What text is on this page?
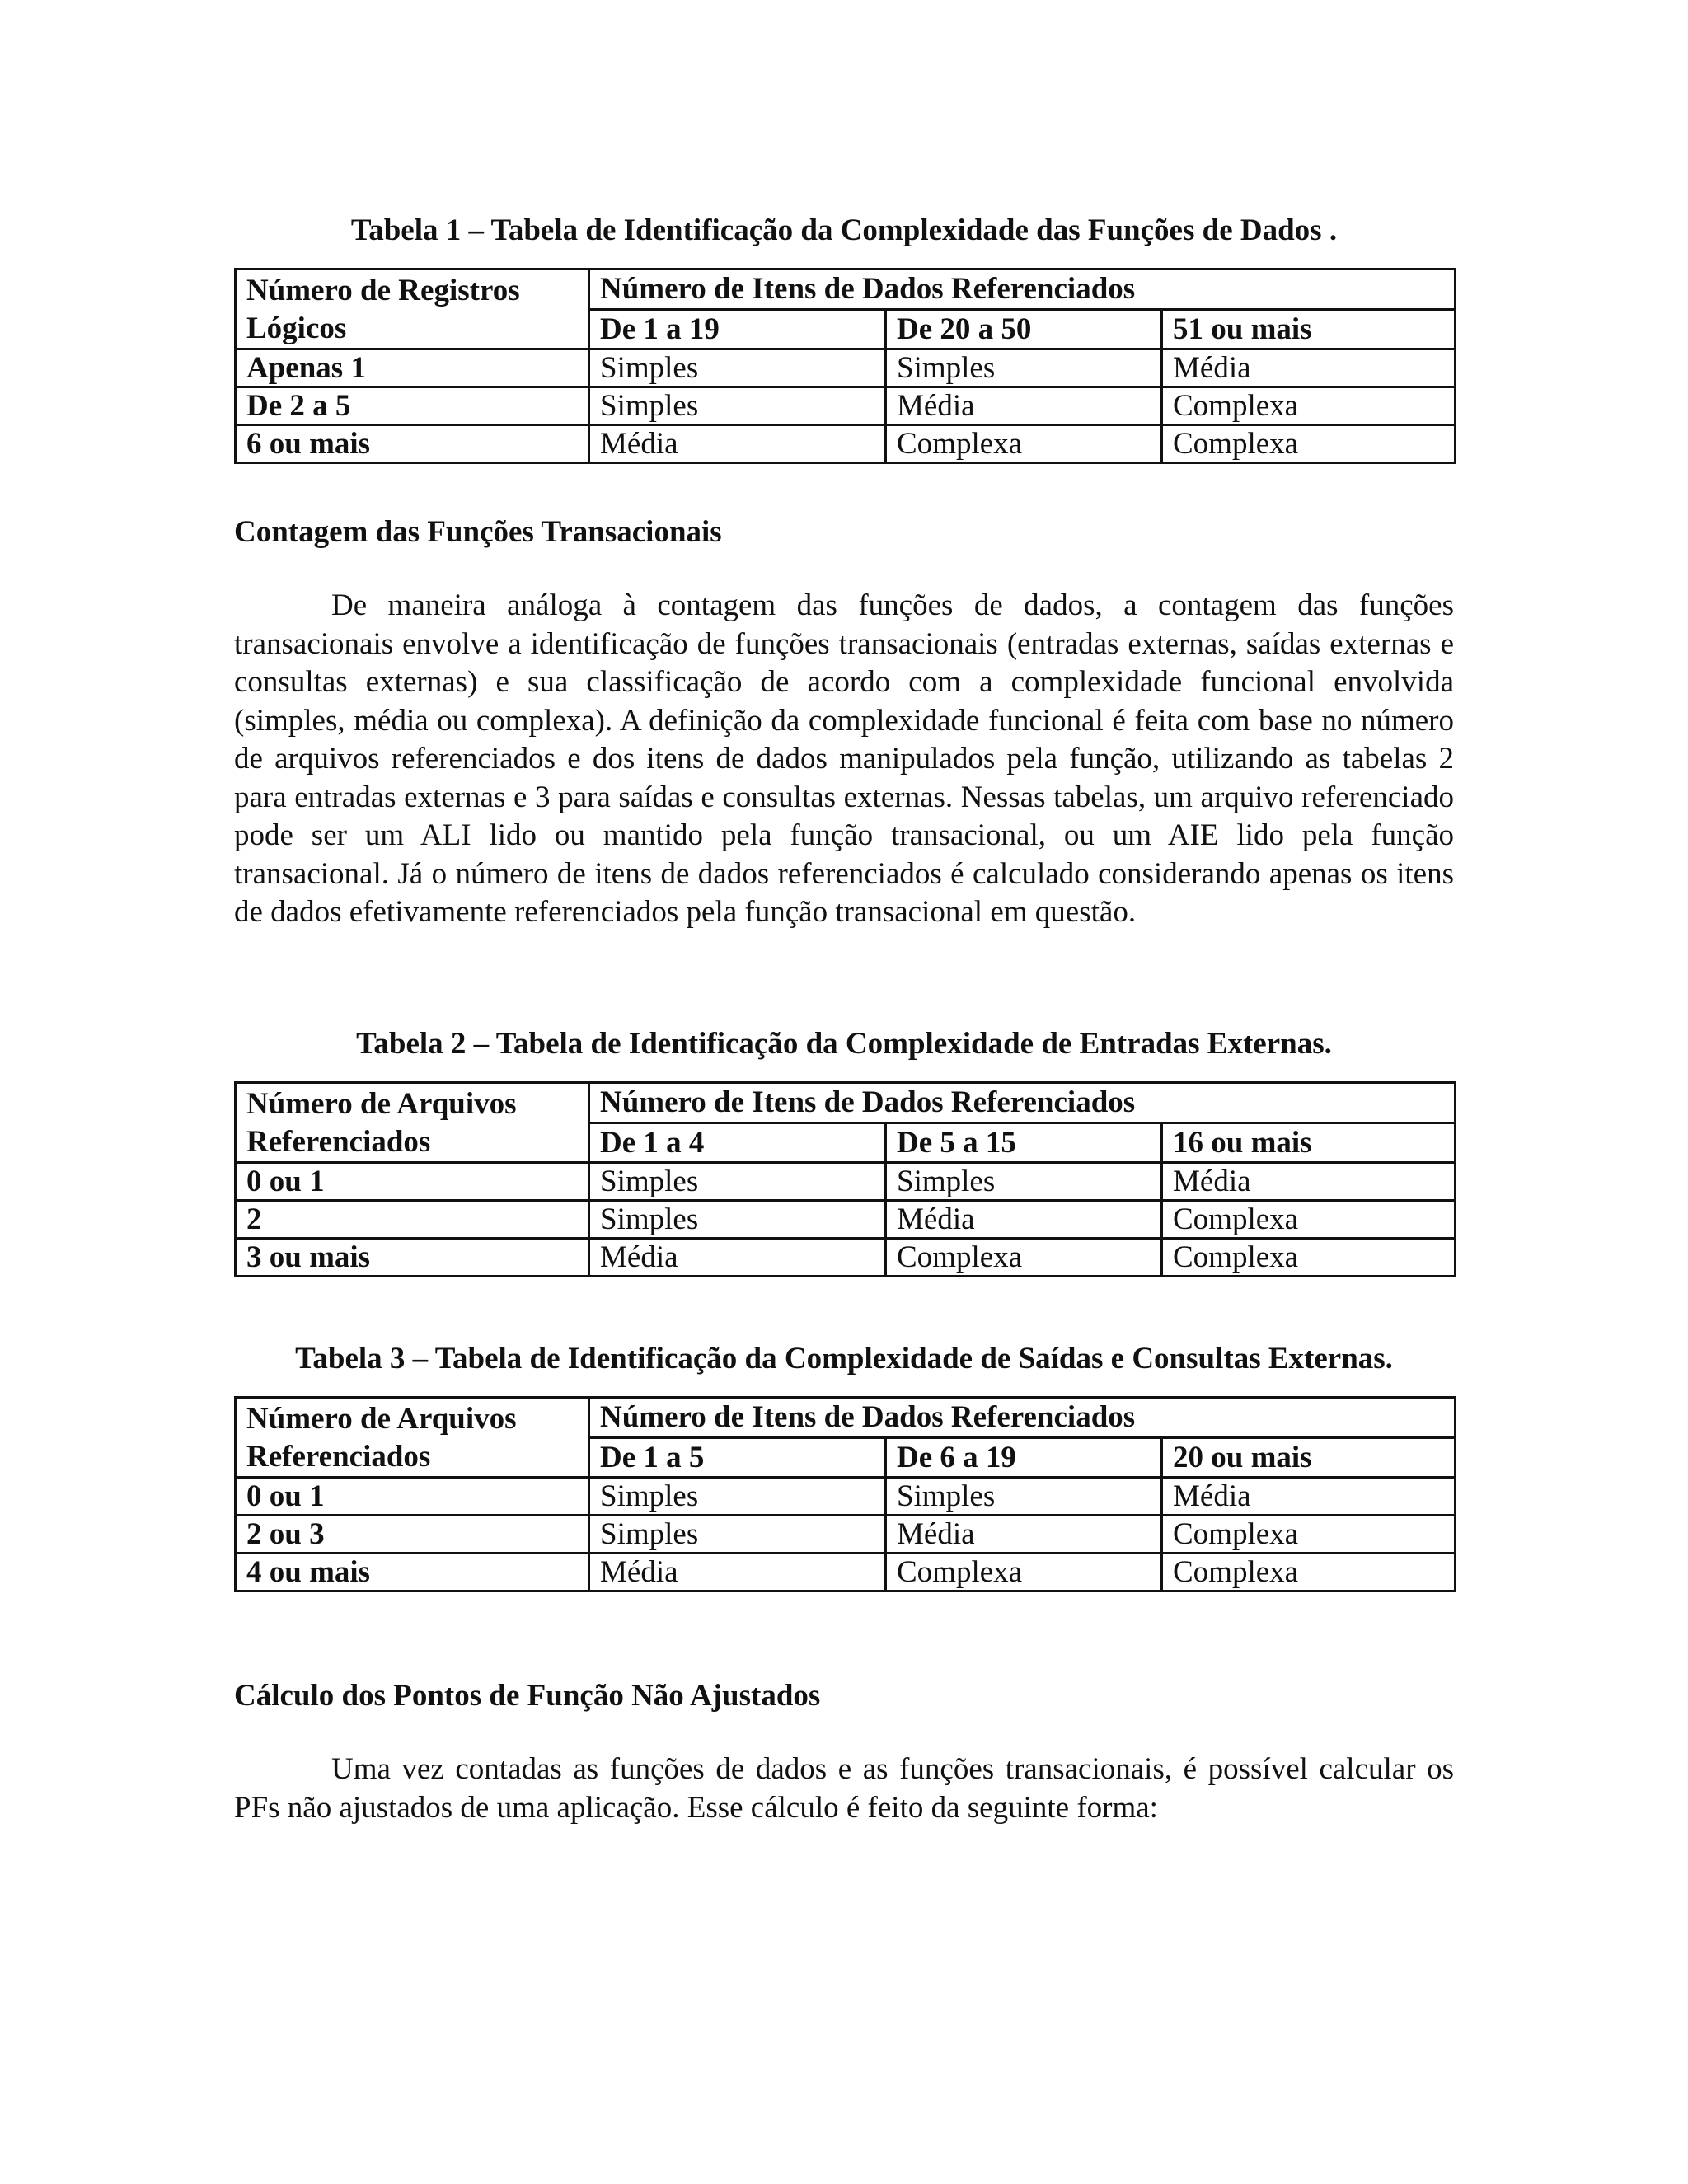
Tabela 1 – Tabela de Identificação da Complexidade das Funções de Dados .
Número de Registros Lógicos	Número de Itens de Dados Referenciados		
	De 1 a 19	De 20 a 50	51 ou mais
Apenas 1	Simples	Simples	Média
De 2 a 5	Simples	Média	Complexa
6 ou mais	Média	Complexa	Complexa
Contagem das Funções Transacionais

De maneira análoga à contagem das funções de dados, a contagem das funções transacionais envolve a identificação de funções transacionais (entradas externas, saídas externas e consultas externas) e sua classificação de acordo com a complexidade funcional envolvida (simples, média ou complexa). A definição da complexidade funcional é feita com base no número de arquivos referenciados e dos itens de dados manipulados pela função, utilizando as tabelas 2 para entradas externas e 3 para saídas e consultas externas. Nessas tabelas, um arquivo referenciado pode ser um ALI lido ou mantido pela função transacional, ou um AIE lido pela função transacional. Já o número de itens de dados referenciados é calculado considerando apenas os itens de dados efetivamente referenciados pela função transacional em questão.

Tabela 2 – Tabela de Identificação da Complexidade de Entradas Externas.
Número de Arquivos Referenciados	Número de Itens de Dados Referenciados		
	De 1 a 4	De 5 a 15	16 ou mais
0 ou 1	Simples	Simples	Média
2	Simples	Média	Complexa
3 ou mais	Média	Complexa	Complexa
Tabela 3 – Tabela de Identificação da Complexidade de Saídas e Consultas Externas.
Número de Arquivos Referenciados	Número de Itens de Dados Referenciados		
	De 1 a 5	De 6 a 19	20 ou mais
0 ou 1	Simples	Simples	Média
2 ou 3	Simples	Média	Complexa
4 ou mais	Média	Complexa	Complexa
Cálculo dos Pontos de Função Não Ajustados

Uma vez contadas as funções de dados e as funções transacionais, é possível calcular os PFs não ajustados de uma aplicação. Esse cálculo é feito da seguinte forma:
